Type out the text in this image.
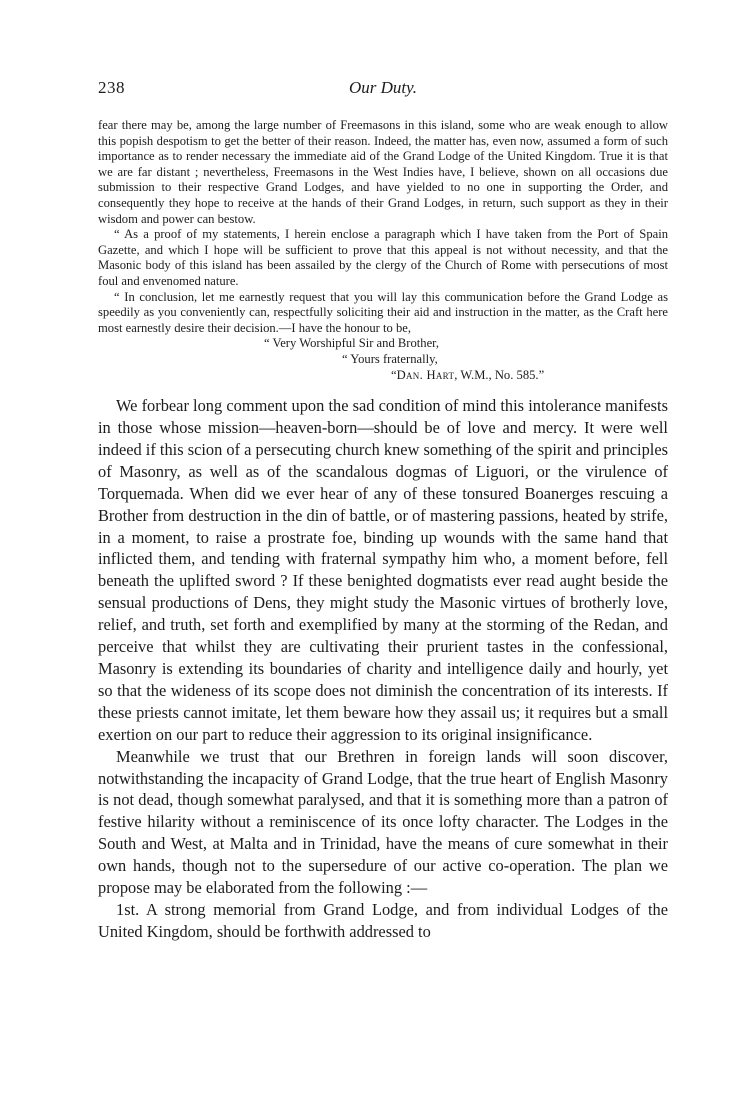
238	Our Duty.

fear there may be, among the large number of Freemasons in this island, some who are weak enough to allow this popish despotism to get the better of their reason. Indeed, the matter has, even now, assumed a form of such importance as to render necessary the immediate aid of the Grand Lodge of the United Kingdom. True it is that we are far distant ; nevertheless, Freemasons in the West Indies have, I believe, shown on all occasions due submission to their respective Grand Lodges, and have yielded to no one in supporting the Order, and consequently they hope to receive at the hands of their Grand Lodges, in return, such support as they in their wisdom and power can bestow.

“ As a proof of my statements, I herein enclose a paragraph which I have taken from the Port of Spain Gazette, and which I hope will be sufficient to prove that this appeal is not without necessity, and that the Masonic body of this island has been assailed by the clergy of the Church of Rome with persecutions of most foul and envenomed nature.

“ In conclusion, let me earnestly request that you will lay this communication before the Grand Lodge as speedily as you conveniently can, respectfully soliciting their aid and instruction in the matter, as the Craft here most earnestly desire their decision.—I have the honour to be,

“ Very Worshipful Sir and Brother,

“ Yours fraternally,

“Dan. Hart, W.M., No. 585.”

We forbear long comment upon the sad condition of mind this intolerance manifests in those whose mission—heaven-born—should be of love and mercy. It were well indeed if this scion of a persecuting church knew something of the spirit and principles of Masonry, as well as of the scandalous dogmas of Liguori, or the virulence of Torquemada. When did we ever hear of any of these tonsured Boanerges rescuing a Brother from destruction in the din of battle, or of mastering passions, heated by strife, in a moment, to raise a prostrate foe, binding up wounds with the same hand that inflicted them, and tending with fraternal sympathy him who, a moment before, fell beneath the uplifted sword ? If these benighted dogmatists ever read aught beside the sensual productions of Dens, they might study the Masonic virtues of brotherly love, relief, and truth, set forth and exemplified by many at the storming of the Redan, and perceive that whilst they are cultivating their prurient tastes in the confessional, Masonry is extending its boundaries of charity and intelligence daily and hourly, yet so that the wideness of its scope does not diminish the concentration of its interests. If these priests cannot imitate, let them beware how they assail us; it requires but a small exertion on our part to reduce their aggression to its original insignificance.

Meanwhile we trust that our Brethren in foreign lands will soon discover, notwithstanding the incapacity of Grand Lodge, that the true heart of English Masonry is not dead, though somewhat paralysed, and that it is something more than a patron of festive hilarity without a reminiscence of its once lofty character. The Lodges in the South and West, at Malta and in Trinidad, have the means of cure somewhat in their own hands, though not to the supersedure of our active co-operation. The plan we propose may be elaborated from the following :—

1st. A strong memorial from Grand Lodge, and from individual Lodges of the United Kingdom, should be forthwith addressed to
